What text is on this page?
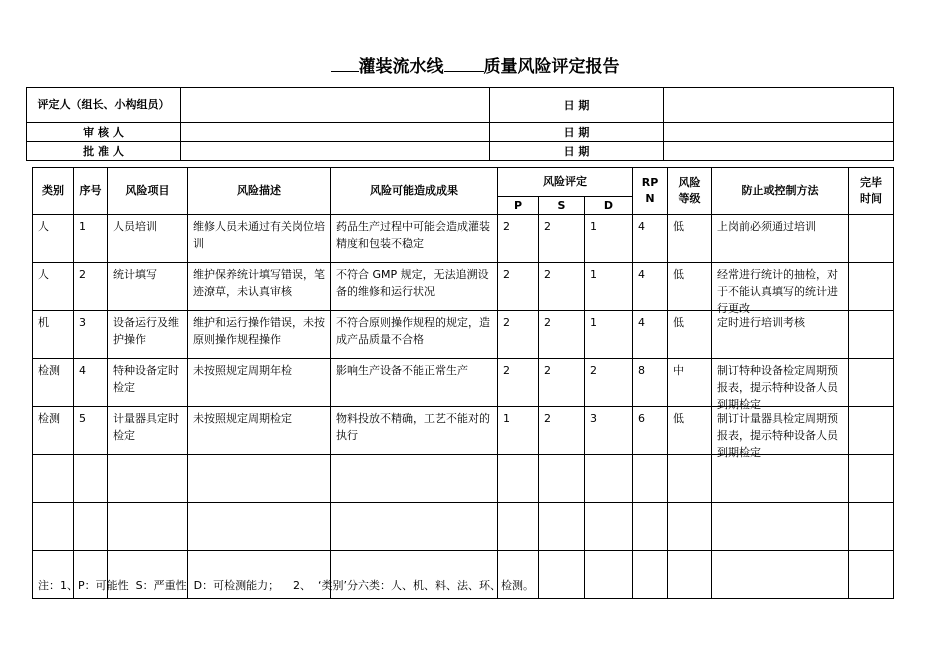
灌装流水线 质量风险评定报告
评定人（组长、小构组员）		日 期	
审 核 人		日 期	
批 准 人		日 期	
类别	序号	风险项目	风险描述	风险可能造成成果	风险评定			RPN	风险等级	防止或控制方法	完毕时间
					P	S	D				

人	1	人员培训	维修人员未通过有关岗位培训	药品生产过程中可能会造成灌装精度和包装不稳定	2	2	1	4	低	上岗前必须通过培训	

人	2	统计填写	维护保养统计填写错误，笔迹潦草，未认真审核	不符合 GMP 规定，无法追溯设备的维修和运行状况	2	2	1	4	低	经常进行统计的抽检，对于不能认真填写的统计进行更改	

机	3	设备运行及维护操作	维护和运行操作错误，未按原则操作规程操作	不符合原则操作规程的规定，造成产品质量不合格	2	2	1	4	低	定时进行培训考核	

检测	4	特种设备定时检定	未按照规定周期年检	影响生产设备不能正常生产	2	2	2	8	中	制订特种设备检定周期预报表，提示特种设备人员到期检定	

检测	5	计量器具定时检定	未按照规定周期检定	物料投放不精确，工艺不能对的执行	1	2	3	6	低	制订计量器具检定周期预报表，提示特种设备人员到期检定	

注：1、P：可能性  S：严重性  D：可检测能力；    2、  ‘类别’分六类：人、机、料、法、环、检测。
